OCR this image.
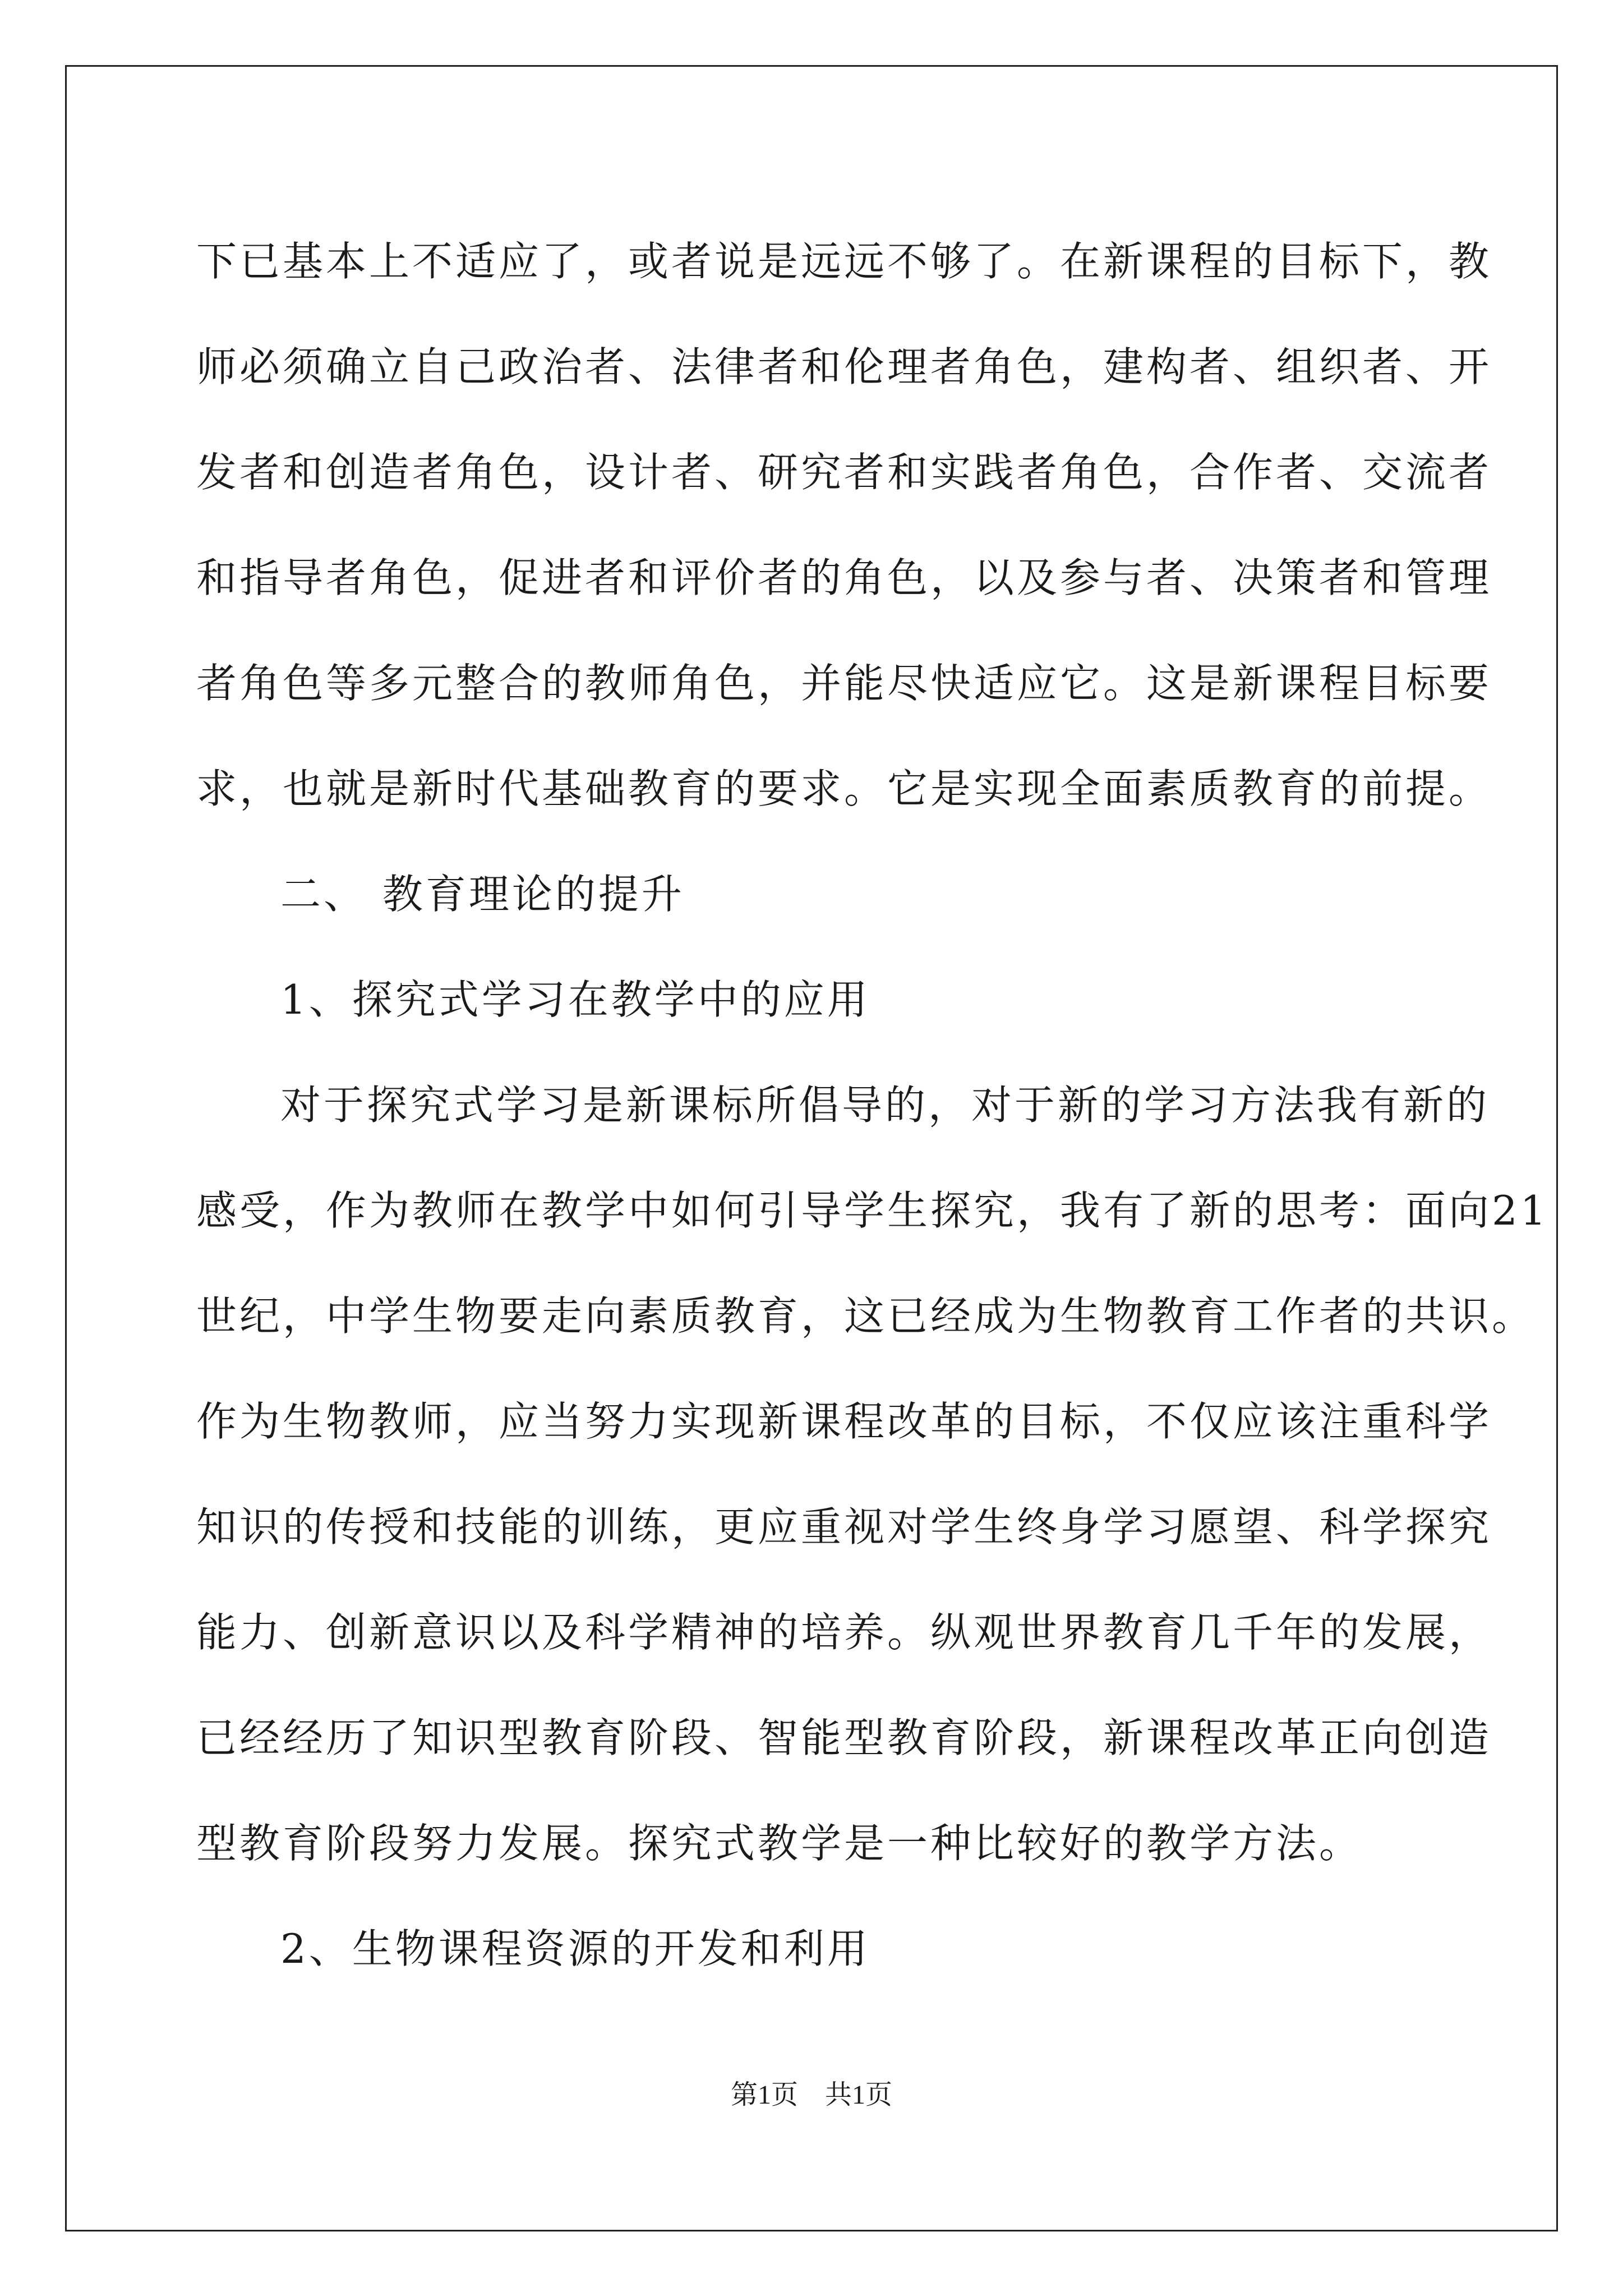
下已基本上不适应了，或者说是远远不够了。在新课程的目标下，教
师必须确立自己政治者、法律者和伦理者角色，建构者、组织者、开
发者和创造者角色，设计者、研究者和实践者角色，合作者、交流者
和指导者角色，促进者和评价者的角色，以及参与者、决策者和管理
者角色等多元整合的教师角色，并能尽快适应它。这是新课程目标要
求，也就是新时代基础教育的要求。它是实现全面素质教育的前提。
二、 教育理论的提升
1、探究式学习在教学中的应用
对于探究式学习是新课标所倡导的，对于新的学习方法我有新的
感受，作为教师在教学中如何引导学生探究，我有了新的思考：面向21
世纪，中学生物要走向素质教育，这已经成为生物教育工作者的共识。
作为生物教师，应当努力实现新课程改革的目标，不仅应该注重科学
知识的传授和技能的训练，更应重视对学生终身学习愿望、科学探究
能力、创新意识以及科学精神的培养。纵观世界教育几千年的发展，
已经经历了知识型教育阶段、智能型教育阶段，新课程改革正向创造
型教育阶段努力发展。探究式教学是一种比较好的教学方法。
2、生物课程资源的开发和利用
第1页　共1页
